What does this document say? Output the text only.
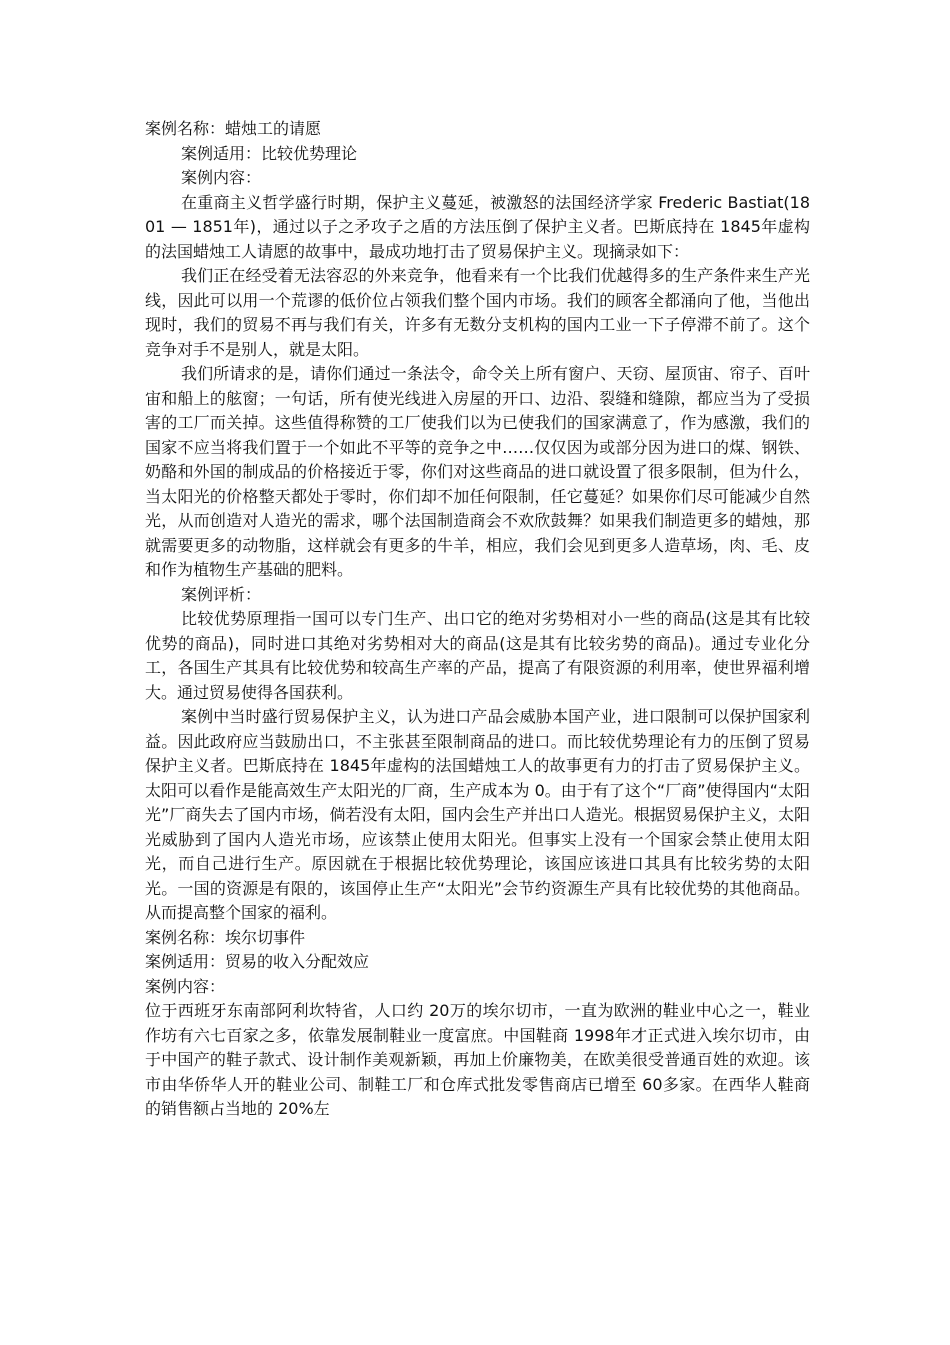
案例名称：蜡烛工的请愿

案例适用：比较优势理论

案例内容：

在重商主义哲学盛行时期，保护主义蔓延，被激怒的法国经济学家 Frederic Bastiat(1801 — 1851年)，通过以子之矛攻子之盾的方法压倒了保护主义者。巴斯底持在 1845年虚构的法国蜡烛工人请愿的故事中，最成功地打击了贸易保护主义。现摘录如下：

我们正在经受着无法容忍的外来竞争，他看来有一个比我们优越得多的生产条件来生产光线，因此可以用一个荒谬的低价位占领我们整个国内市场。我们的顾客全都涌向了他，当他出现时，我们的贸易不再与我们有关，许多有无数分支机构的国内工业一下子停滞不前了。这个竞争对手不是别人，就是太阳。

我们所请求的是，请你们通过一条法令，命令关上所有窗户、天窃、屋顶宙、帘子、百叶宙和船上的舷窗；一句话，所有使光线进入房屋的开口、边沿、裂缝和缝隙，都应当为了受损害的工厂而关掉。这些值得称赞的工厂使我们以为已使我们的国家满意了，作为感激，我们的国家不应当将我们置于一个如此不平等的竞争之中……仅仅因为或部分因为进口的煤、钢铁、奶酪和外国的制成品的价格接近于零，你们对这些商品的进口就设置了很多限制，但为什么，当太阳光的价格整天都处于零时，你们却不加任何限制，任它蔓延？如果你们尽可能减少自然光，从而创造对人造光的需求，哪个法国制造商会不欢欣鼓舞？如果我们制造更多的蜡烛，那就需要更多的动物脂，这样就会有更多的牛羊，相应，我们会见到更多人造草场，肉、毛、皮和作为植物生产基础的肥料。

案例评析：

比较优势原理指一国可以专门生产、出口它的绝对劣势相对小一些的商品(这是其有比较优势的商品)，同时进口其绝对劣势相对大的商品(这是其有比较劣势的商品)。通过专业化分工，各国生产其具有比较优势和较高生产率的产品，提高了有限资源的利用率，使世界福利增大。通过贸易使得各国获利。

案例中当时盛行贸易保护主义，认为进口产品会威胁本国产业，进口限制可以保护国家利益。因此政府应当鼓励出口，不主张甚至限制商品的进口。而比较优势理论有力的压倒了贸易保护主义者。巴斯底持在 1845年虚构的法国蜡烛工人的故事更有力的打击了贸易保护主义。太阳可以看作是能高效生产太阳光的厂商，生产成本为 0。由于有了这个“厂商”使得国内“太阳光”厂商失去了国内市场，倘若没有太阳，国内会生产并出口人造光。根据贸易保护主义，太阳光威胁到了国内人造光市场，应该禁止使用太阳光。但事实上没有一个国家会禁止使用太阳光，而自己进行生产。原因就在于根据比较优势理论，该国应该进口其具有比较劣势的太阳光。一国的资源是有限的，该国停止生产“太阳光”会节约资源生产具有比较优势的其他商品。从而提高整个国家的福利。

案例名称：埃尔切事件

案例适用：贸易的收入分配效应

案例内容：

位于西班牙东南部阿利坎特省，人口约 20万的埃尔切市，一直为欧洲的鞋业中心之一，鞋业作坊有六七百家之多，依靠发展制鞋业一度富庶。中国鞋商 1998年才正式进入埃尔切市，由于中国产的鞋子款式、设计制作美观新颖，再加上价廉物美，在欧美很受普通百姓的欢迎。该市由华侨华人开的鞋业公司、制鞋工厂和仓库式批发零售商店已增至 60多家。在西华人鞋商的销售额占当地的 20%左
